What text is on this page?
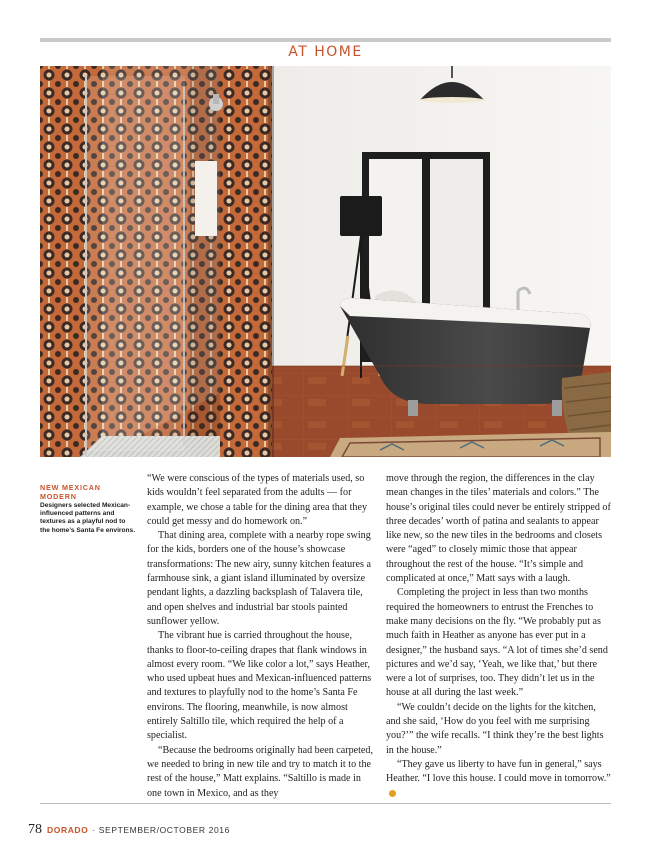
AT HOME
NEW MEXICAN MODERN
Designers selected Mexican-influenced patterns and textures as a playful nod to the home’s Santa Fe environs.

“We were conscious of the types of materials used, so kids wouldn’t feel separated from the adults — for example, we chose a table for the dining area that they could get messy and do homework on.”

That dining area, complete with a nearby rope swing for the kids, borders one of the house’s showcase transformations: The new airy, sunny kitchen features a farmhouse sink, a giant island illuminated by oversize pendant lights, a dazzling backsplash of Talavera tile, and open shelves and industrial bar stools painted sunflower yellow.

The vibrant hue is carried throughout the house, thanks to floor-to-ceiling drapes that flank windows in almost every room. “We like color a lot,” says Heather, who used upbeat hues and Mexican-influenced patterns and textures to playfully nod to the home’s Santa Fe environs. The flooring, meanwhile, is now almost entirely Saltillo tile, which required the help of a specialist.

“Because the bedrooms originally had been carpeted, we needed to bring in new tile and try to match it to the rest of the house,” Matt explains. “Saltillo is made in one town in Mexico, and as they

move through the region, the differences in the clay mean changes in the tiles’ materials and colors.” The house’s original tiles could never be entirely stripped of three decades’ worth of patina and sealants to appear like new, so the new tiles in the bedrooms and closets were “aged” to closely mimic those that appear throughout the rest of the house. “It’s simple and complicated at once,” Matt says with a laugh.

Completing the project in less than two months required the homeowners to entrust the Frenches to make many decisions on the fly. “We probably put as much faith in Heather as anyone has ever put in a designer,” the husband says. “A lot of times she’d send pictures and we’d say, ‘Yeah, we like that,’ but there were a lot of surprises, too. They didn’t let us in the house at all during the last week.”

“We couldn’t decide on the lights for the kitchen, and she said, ‘How do you feel with me surprising you?’” the wife recalls. “I think they’re the best lights in the house.”

“They gave us liberty to have fun in general,” says Heather. “I love this house. I could move in tomorrow.”

78 DORADO · SEPTEMBER/OCTOBER 2016
